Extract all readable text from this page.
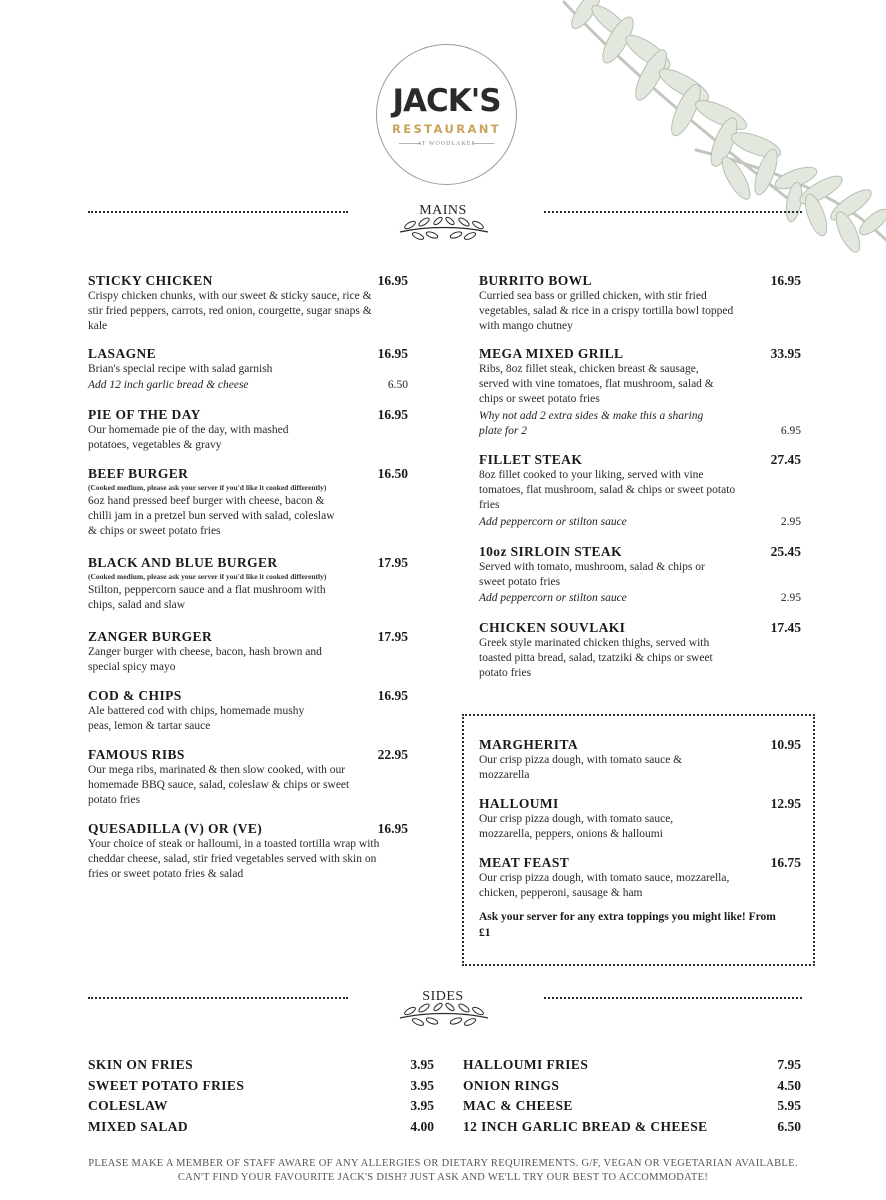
JACK'S
RESTAURANT
AT WOODLAKES
MAINS
STICKY CHICKEN	16.95
Crispy chicken chunks, with our sweet & sticky sauce, rice & stir fried peppers, carrots, red onion, courgette, sugar snaps & kale
LASAGNE	16.95
Brian's special recipe with salad garnish
Add 12 inch garlic bread & cheese	6.50
PIE OF THE DAY	16.95
Our homemade pie of the day, with mashed potatoes, vegetables & gravy
BEEF BURGER	16.50
(Cooked medium, please ask your server if you'd like it cooked differently)
6oz hand pressed beef burger with cheese, bacon & chilli jam in a pretzel bun served with salad, coleslaw & chips or sweet potato fries
BLACK AND BLUE BURGER	17.95
(Cooked medium, please ask your server if you'd like it cooked differently)
Stilton, peppercorn sauce and a flat mushroom with chips, salad and slaw
ZANGER BURGER	17.95
Zanger burger with cheese, bacon, hash brown and special spicy mayo
COD & CHIPS	16.95
Ale battered cod with chips, homemade mushy peas, lemon & tartar sauce
FAMOUS RIBS	22.95
Our mega ribs, marinated & then slow cooked, with our homemade BBQ sauce, salad, coleslaw & chips or sweet potato fries
QUESADILLA (V) OR (VE)	16.95
Your choice of steak or halloumi, in a toasted tortilla wrap with cheddar cheese, salad, stir fried vegetables served with skin on fries or sweet potato fries & salad
BURRITO BOWL	16.95
Curried sea bass or grilled chicken, with stir fried vegetables, salad & rice in a crispy tortilla bowl topped with mango chutney
MEGA MIXED GRILL	33.95
Ribs, 8oz fillet steak, chicken breast & sausage, served with vine tomatoes, flat mushroom, salad & chips or sweet potato fries
Why not add 2 extra sides & make this a sharing plate for 2	6.95
FILLET STEAK	27.45
8oz fillet cooked to your liking, served with vine tomatoes, flat mushroom, salad & chips or sweet potato fries
Add peppercorn or stilton sauce	2.95
10oz SIRLOIN STEAK	25.45
Served with tomato, mushroom, salad & chips or sweet potato fries
Add peppercorn or stilton sauce	2.95
CHICKEN SOUVLAKI	17.45
Greek style marinated chicken thighs, served with toasted pitta bread, salad, tzatziki & chips or sweet potato fries
MARGHERITA	10.95
Our crisp pizza dough, with tomato sauce & mozzarella
HALLOUMI	12.95
Our crisp pizza dough, with tomato sauce, mozzarella, peppers, onions & halloumi
MEAT FEAST	16.75
Our crisp pizza dough, with tomato sauce, mozzarella, chicken, pepperoni, sausage & ham
Ask your server for any extra toppings you might like! From £1
SIDES
SKIN ON FRIES	3.95
SWEET POTATO FRIES	3.95
COLESLAW	3.95
MIXED SALAD	4.00
HALLOUMI FRIES	7.95
ONION RINGS	4.50
MAC & CHEESE	5.95
12 INCH GARLIC BREAD & CHEESE	6.50
PLEASE MAKE A MEMBER OF STAFF AWARE OF ANY ALLERGIES OR DIETARY REQUIREMENTS. G/F, VEGAN OR VEGETARIAN AVAILABLE.
CAN'T FIND YOUR FAVOURITE JACK'S DISH? JUST ASK AND WE'LL TRY OUR BEST TO ACCOMMODATE!
